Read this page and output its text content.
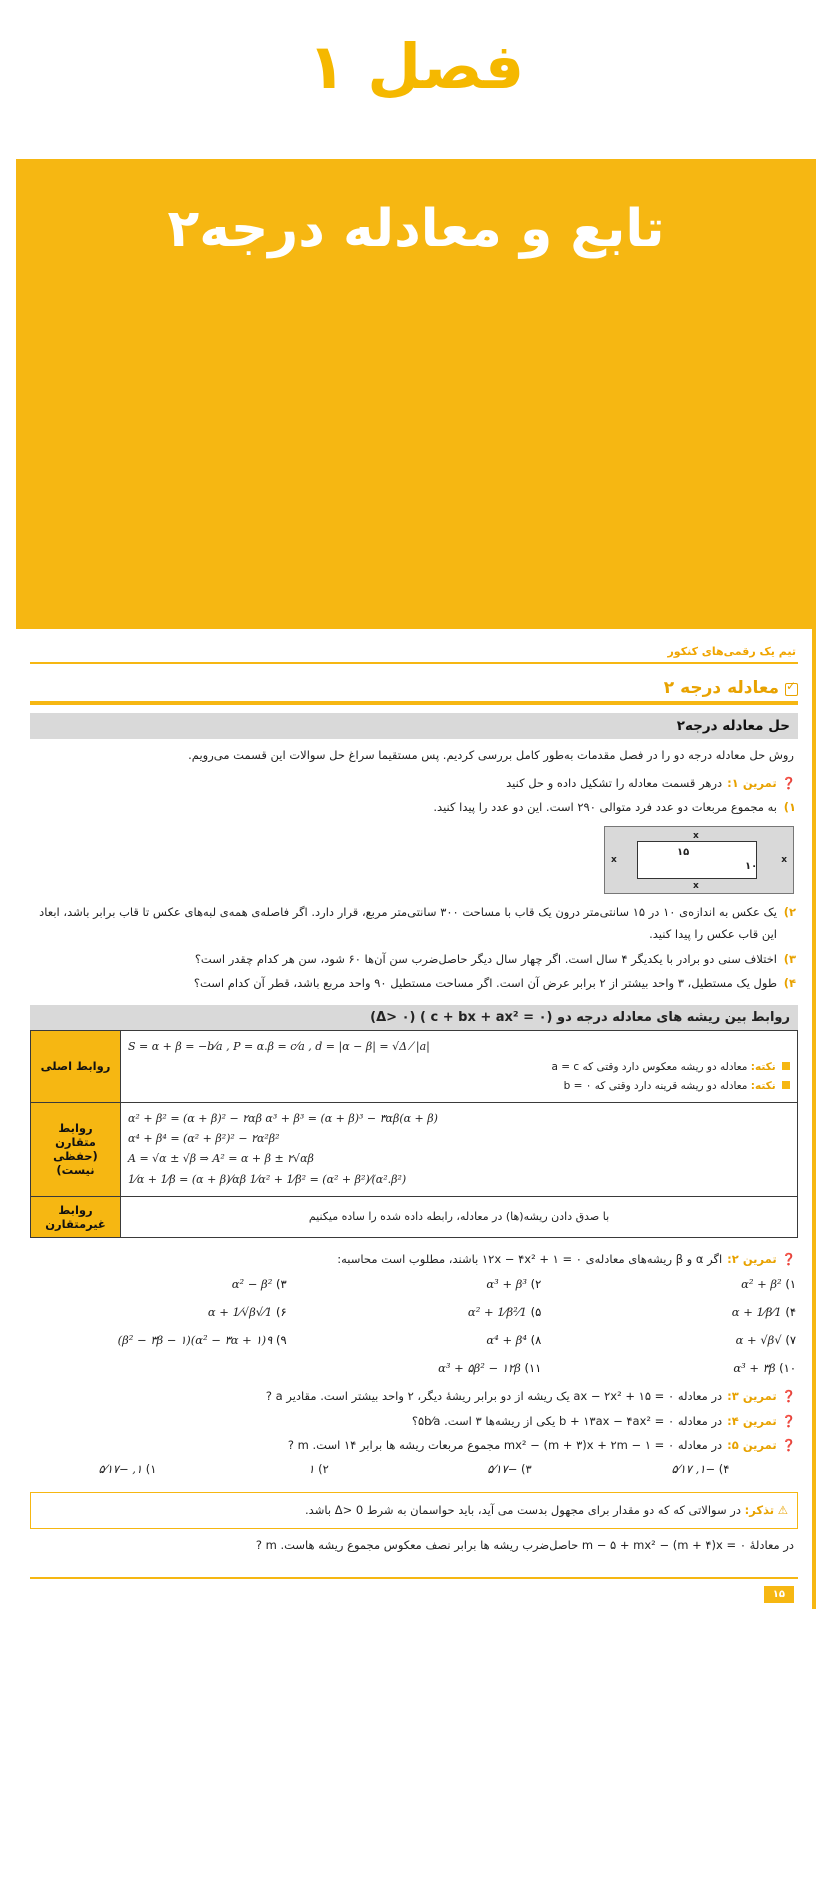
فصل ۱
تابع و معادله درجه۲
تیم یک رقمی‌های کنکور
✓
معادله درجه ۲
حل معادله درجه۲
روش حل معادله درجه دو را در فصل مقدمات به‌طور کامل بررسی کردیم. پس مستقیما سراغ حل سوالات این قسمت می‌رویم.
❓
تمرین ۱:
درهر قسمت معادله را تشکیل داده و حل کنید
۱)
به مجموع مربعات دو عدد فرد متوالی ۲۹۰ است. این دو عدد را پیدا کنید.
x
x
x	x
۱۵
۱۰
۲)
یک عکس به اندازه‌ی ۱۰ در ۱۵ سانتی‌متر درون یک قاب با مساحت ۳۰۰ سانتی‌متر مربع، قرار دارد. اگر فاصله‌ی همه‌ی لبه‌های عکس تا قاب برابر باشد، ابعاد این قاب عکس را پیدا کنید.
۳)
اختلاف سنی دو برادر با یکدیگر ۴ سال است. اگر چهار سال دیگر حاصل‌ضرب سن آن‌ها ۶۰ شود، سن هر کدام چقدر است؟
۴)
طول یک مستطیل، ۳ واحد بیشتر از ۲ برابر عرض آن است. اگر مساحت مستطیل ۹۰ واحد مربع باشد، قطر آن کدام است؟
روابط بین ریشه های معادله درجه دو (۰ =‌ c + bx + ax² ) (Δ> ۰)
S = α + β = −b⁄a , P = α.β = c⁄a , d = |α − β| = √Δ ⁄ |a|
نکته: معادله دو ریشه معکوس دارد وقتی که a = c
نکته: معادله دو ریشه قرینه دارد وقتی که b = ۰	روابط اصلی

α² + β² = (α + β)² − ۲αβ α³ + β³ = (α + β)³ − ۳αβ(α + β)
α⁴ + β⁴ = (α² + β²)² − ۲α²β²
A = √α ± √β ⇒ A² = α + β ± ۲√αβ
1⁄α + 1⁄β = (α + β)⁄αβ 1⁄α² + 1⁄β² = (α² + β²)⁄(α².β²)	روابط متقارن (حفظی نیست)
با صدق دادن ریشه(ها) در معادله، رابطه داده شده را ساده میکنیم	روابط غیرمتقارن
❓
تمرین ۲:
اگر α و β ریشه‌های معادله‌ی ۰ = ۱ + ۱۲x − ۴x² باشند، مطلوب است محاسبه:
۱) α² + β²
۲) α³ + β³
۳) α² − β²
۴) 1⁄α + 1⁄β
۵) 1⁄α² + 1⁄β²
۶) 1⁄√α + 1⁄√β
۷) √α + √β
۸) α⁴ + β⁴
۹) ۹(α² − ۳α + ۱)(β² − ۳β − ۱)
۱۰) α³ + ۳β
۱۱) α³ + ۵β² − ۱۲β
❓
تمرین ۳:
در معادله ۰ = ۱۵ + ax − ۲x² یک ریشه از دو برابر ریشۀ دیگر، ۲ واحد بیشتر است. مقادیر a ?
❓
تمرین ۴:
در معادله ۰ = b + ۱۳ax − ۴ax² یکی از ریشه‌ها ۳ است. ۵b⁄a؟
❓
تمرین ۵:
در معادله ۰ = ۱ − mx² − (m + ۳)x + ۲m مجموع مربعات ریشه ها برابر ۱۴ است. m ?
۴) −۱, ۵⁄۱۷
۳) −۵⁄۱۷
۲) ۱
۱) ۱, −۵⁄۱۷
⚠ تذکر: در سوالاتی که که دو مقدار برای مجهول بدست می آید، باید حواسمان به شرط 0 <Δ باشد.
در معادلۀ ۰ = m − ۵ + mx² − (m + ۴)x حاصل‌ضرب ریشه ها برابر نصف معکوس مجموع ریشه هاست. m ?
۱۵
